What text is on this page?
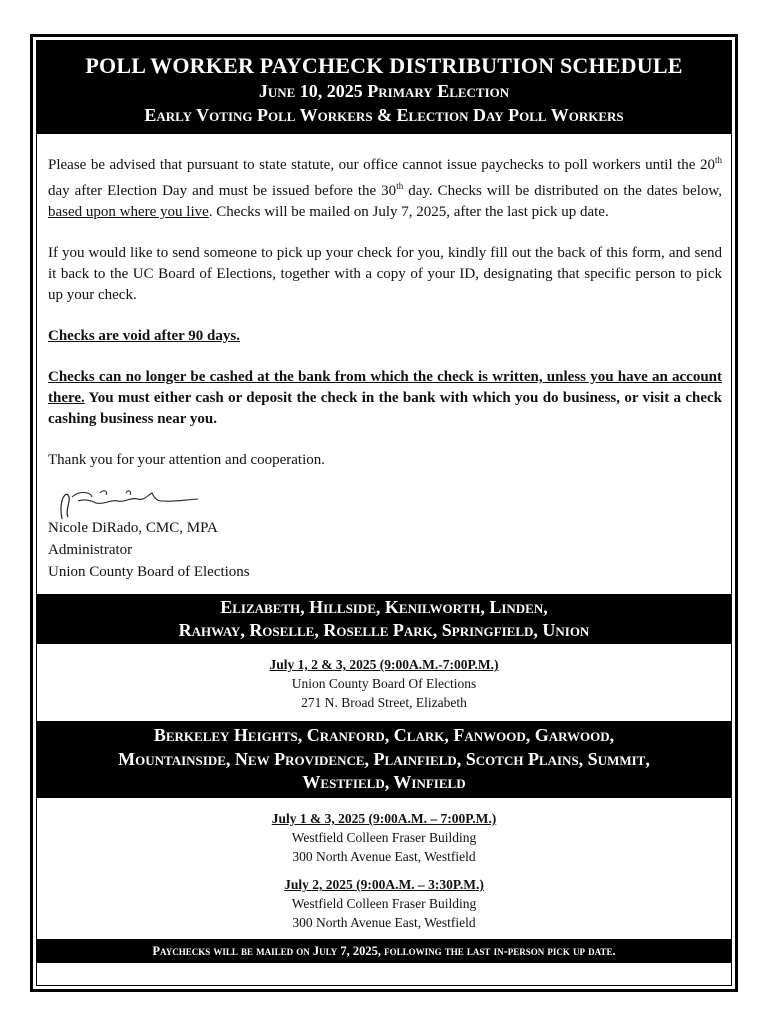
POLL WORKER PAYCHECK DISTRIBUTION SCHEDULE
June 10, 2025 Primary Election
Early Voting Poll Workers & Election Day Poll Workers

Please be advised that pursuant to state statute, our office cannot issue paychecks to poll workers until the 20th day after Election Day and must be issued before the 30th day. Checks will be distributed on the dates below, based upon where you live. Checks will be mailed on July 7, 2025, after the last pick up date.

If you would like to send someone to pick up your check for you, kindly fill out the back of this form, and send it back to the UC Board of Elections, together with a copy of your ID, designating that specific person to pick up your check.

Checks are void after 90 days.

Checks can no longer be cashed at the bank from which the check is written, unless you have an account there. You must either cash or deposit the check in the bank with which you do business, or visit a check cashing business near you.

Thank you for your attention and cooperation.

Nicole DiRado, CMC, MPA
Administrator
Union County Board of Elections
Elizabeth, Hillside, Kenilworth, Linden,
Rahway, Roselle, Roselle Park, Springfield, Union
July 1, 2 & 3, 2025 (9:00A.M.-7:00P.M.)
Union County Board Of Elections
271 N. Broad Street, Elizabeth
Berkeley Heights, Cranford, Clark, Fanwood, Garwood,
Mountainside, New Providence, Plainfield, Scotch Plains, Summit,
Westfield, Winfield
July 1 & 3, 2025 (9:00A.M. – 7:00P.M.)
Westfield Colleen Fraser Building
300 North Avenue East, Westfield
July 2, 2025 (9:00A.M. – 3:30P.M.)
Westfield Colleen Fraser Building
300 North Avenue East, Westfield
Paychecks will be mailed on July 7, 2025, following the last in-person pick up date.
